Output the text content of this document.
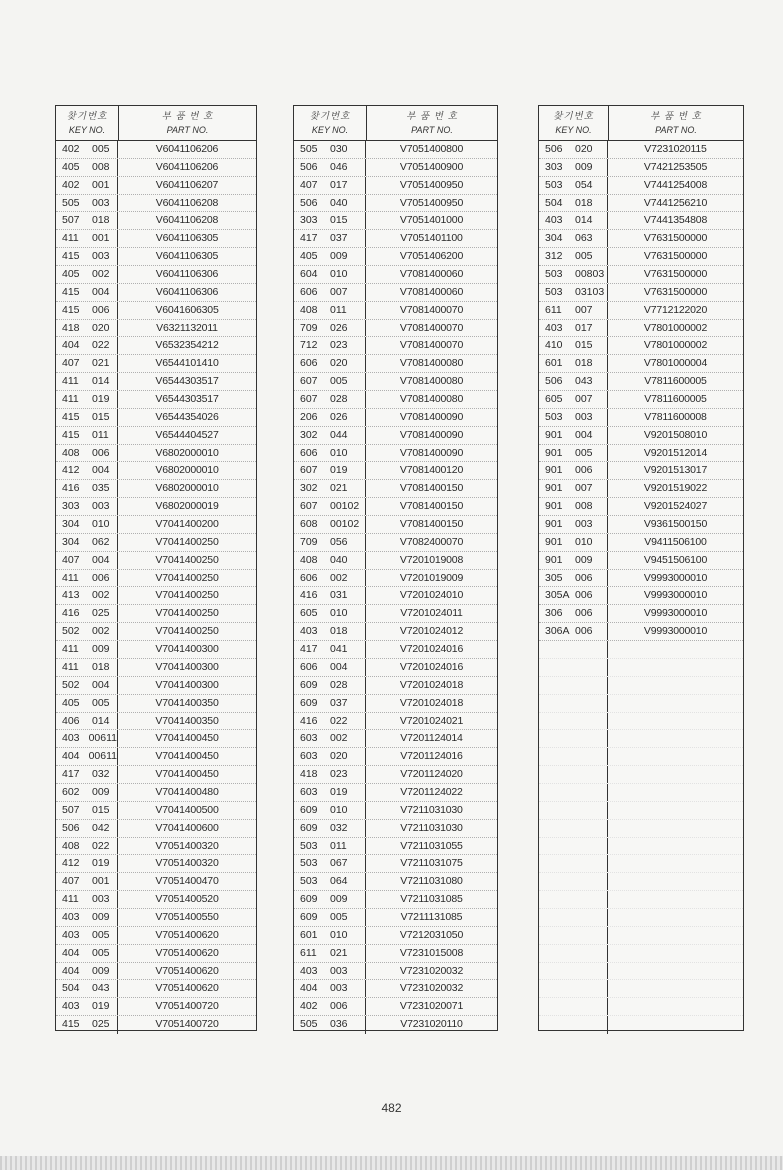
찾기번호
KEY NO.
부 품 번 호
PART NO.
402	005	V6041106206
405	008	V6041106206
402	001	V6041106207
505	003	V6041106208
507	018	V6041106208
411	001	V6041106305
415	003	V6041106305
405	002	V6041106306
415	004	V6041106306
415	006	V6041606305
418	020	V6321132011
404	022	V6532354212
407	021	V6544101410
411	014	V6544303517
411	019	V6544303517
415	015	V6544354026
415	011	V6544404527
408	006	V6802000010
412	004	V6802000010
416	035	V6802000010
303	003	V6802000019
304	010	V7041400200
304	062	V7041400250
407	004	V7041400250
411	006	V7041400250
413	002	V7041400250
416	025	V7041400250
502	002	V7041400250
411	009	V7041400300
411	018	V7041400300
502	004	V7041400300
405	005	V7041400350
406	014	V7041400350
403 00611	V7041400450
404 00611	V7041400450
417	032	V7041400450
602	009	V7041400480
507	015	V7041400500
506	042	V7041400600
408	022	V7051400320
412	019	V7051400320
407	001	V7051400470
411	003	V7051400520
403	009	V7051400550
403	005	V7051400620
404	005	V7051400620
404	009	V7051400620
504	043	V7051400620
403	019	V7051400720
415	025	V7051400720
찾기번호
KEY NO.
부 품 번 호
PART NO.
505	030	V7051400800
506	046	V7051400900
407	017	V7051400950
506	040	V7051400950
303	015	V7051401000
417	037	V7051401100
405	009	V7051406200
604	010	V7081400060
606	007	V7081400060
408	011	V7081400070
709	026	V7081400070
712	023	V7081400070
606	020	V7081400080
607	005	V7081400080
607	028	V7081400080
206	026	V7081400090
302	044	V7081400090
606	010	V7081400090
607	019	V7081400120
302	021	V7081400150
607	00102	V7081400150
608	00102	V7081400150
709	056	V7082400070
408	040	V7201019008
606	002	V7201019009
416	031	V7201024010
605	010	V7201024011
403	018	V7201024012
417	041	V7201024016
606	004	V7201024016
609	028	V7201024018
609	037	V7201024018
416	022	V7201024021
603	002	V7201124014
603	020	V7201124016
418	023	V7201124020
603	019	V7201124022
609	010	V7211031030
609	032	V7211031030
503	011	V7211031055
503	067	V7211031075
503	064	V7211031080
609	009	V7211031085
609	005	V7211131085
601	010	V7212031050
611	021	V7231015008
403	003	V7231020032
404	003	V7231020032
402	006	V7231020071
505	036	V7231020110
찾기번호
KEY NO.
부 품 번 호
PART NO.
506	020	V7231020115
303	009	V7421253505
503	054	V7441254008
504	018	V7441256210
403	014	V7441354808
304	063	V7631500000
312	005	V7631500000
503	00803	V7631500000
503	03103	V7631500000
611	007	V7712122020
403	017	V7801000002
410	015	V7801000002
601	018	V7801000004
506	043	V7811600005
605	007	V7811600005
503	003	V7811600008
901	004	V9201508010
901	005	V9201512014
901	006	V9201513017
901	007	V9201519022
901	008	V9201524027
901	003	V9361500150
901	010	V9411506100
901	009	V9451506100
305	006	V9993000010
305A 006	V9993000010
306	006	V9993000010
306A 006	V9993000010
482
